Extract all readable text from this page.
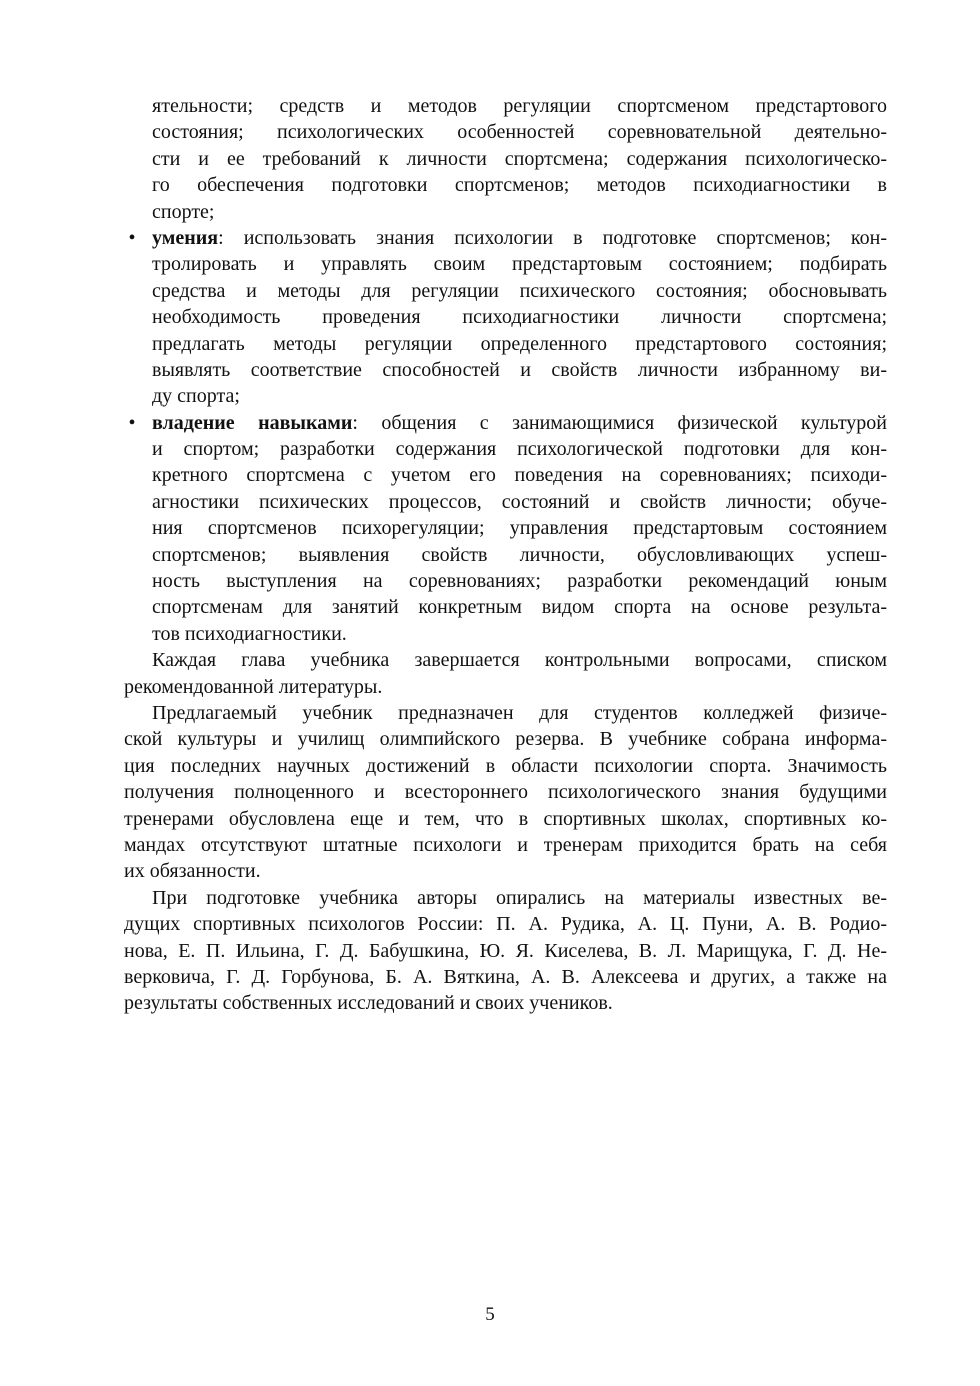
ятельности; средств и методов регуляции спортсменом предстартового
состояния; психологических особенностей соревновательной деятельно-
сти и ее требований к личности спортсмена; содержания психологическо-
го обеспечения подготовки спортсменов; методов психодиагностики в
спорте;
• умения: использовать знания психологии в подготовке спортсменов; кон-
тролировать и управлять своим предстартовым состоянием; подбирать
средства и методы для регуляции психического состояния; обосновывать
необходимость проведения психодиагностики личности спортсмена;
предлагать методы регуляции определенного предстартового состояния;
выявлять соответствие способностей и свойств личности избранному ви-
ду спорта;
• владение навыками: общения с занимающимися физической культурой
и спортом; разработки содержания психологической подготовки для кон-
кретного спортсмена с учетом его поведения на соревнованиях; психоди-
агностики психических процессов, состояний и свойств личности; обуче-
ния спортсменов психорегуляции; управления предстартовым состоянием
спортсменов; выявления свойств личности, обусловливающих успеш-
ность выступления на соревнованиях; разработки рекомендаций юным
спортсменам для занятий конкретным видом спорта на основе результа-
тов психодиагностики.
Каждая глава учебника завершается контрольными вопросами, списком
рекомендованной литературы.
Предлагаемый учебник предназначен для студентов колледжей физиче-
ской культуры и училищ олимпийского резерва. В учебнике собрана информа-
ция последних научных достижений в области психологии спорта. Значимость
получения полноценного и всестороннего психологического знания будущими
тренерами обусловлена еще и тем, что в спортивных школах, спортивных ко-
мандах отсутствуют штатные психологи и тренерам приходится брать на себя
их обязанности.
При подготовке учебника авторы опирались на материалы известных ве-
дущих спортивных психологов России: П. А. Рудика, А. Ц. Пуни, А. В. Родио-
нова, Е. П. Ильина, Г. Д. Бабушкина, Ю. Я. Киселева, В. Л. Марищука, Г. Д. Не-
верковича, Г. Д. Горбунова, Б. А. Вяткина, А. В. Алексеева и других, а также на
результаты собственных исследований и своих учеников.
5
